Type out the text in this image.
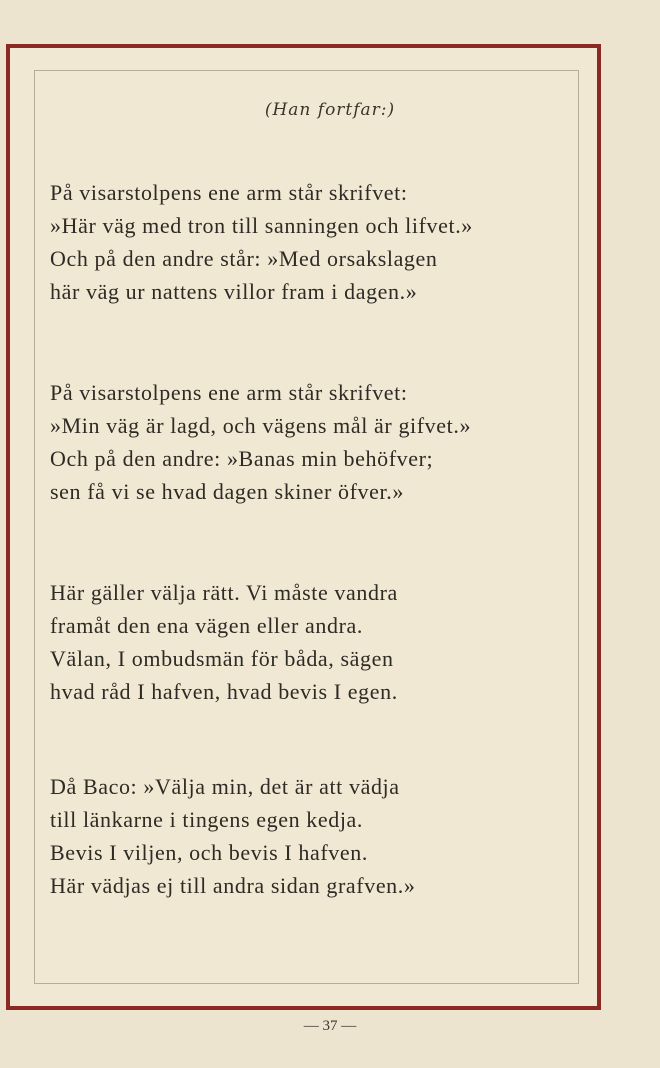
(Han fortfar:)
På visarstolpens ene arm står skrifvet:
»Här väg med tron till sanningen och lifvet.»
Och på den andre står: »Med orsakslagen
här väg ur nattens villor fram i dagen.»
På visarstolpens ene arm står skrifvet:
»Min väg är lagd, och vägens mål är gifvet.»
Och på den andre: »Banas min behöfver;
sen få vi se hvad dagen skiner öfver.»
Här gäller välja rätt. Vi måste vandra
framåt den ena vägen eller andra.
Välan, I ombudsmän för båda, sägen
hvad råd I hafven, hvad bevis I egen.
Då Baco: »Välja min, det är att vädja
till länkarne i tingens egen kedja.
Bevis I viljen, och bevis I hafven.
Här vädjas ej till andra sidan grafven.»
— 37 —
